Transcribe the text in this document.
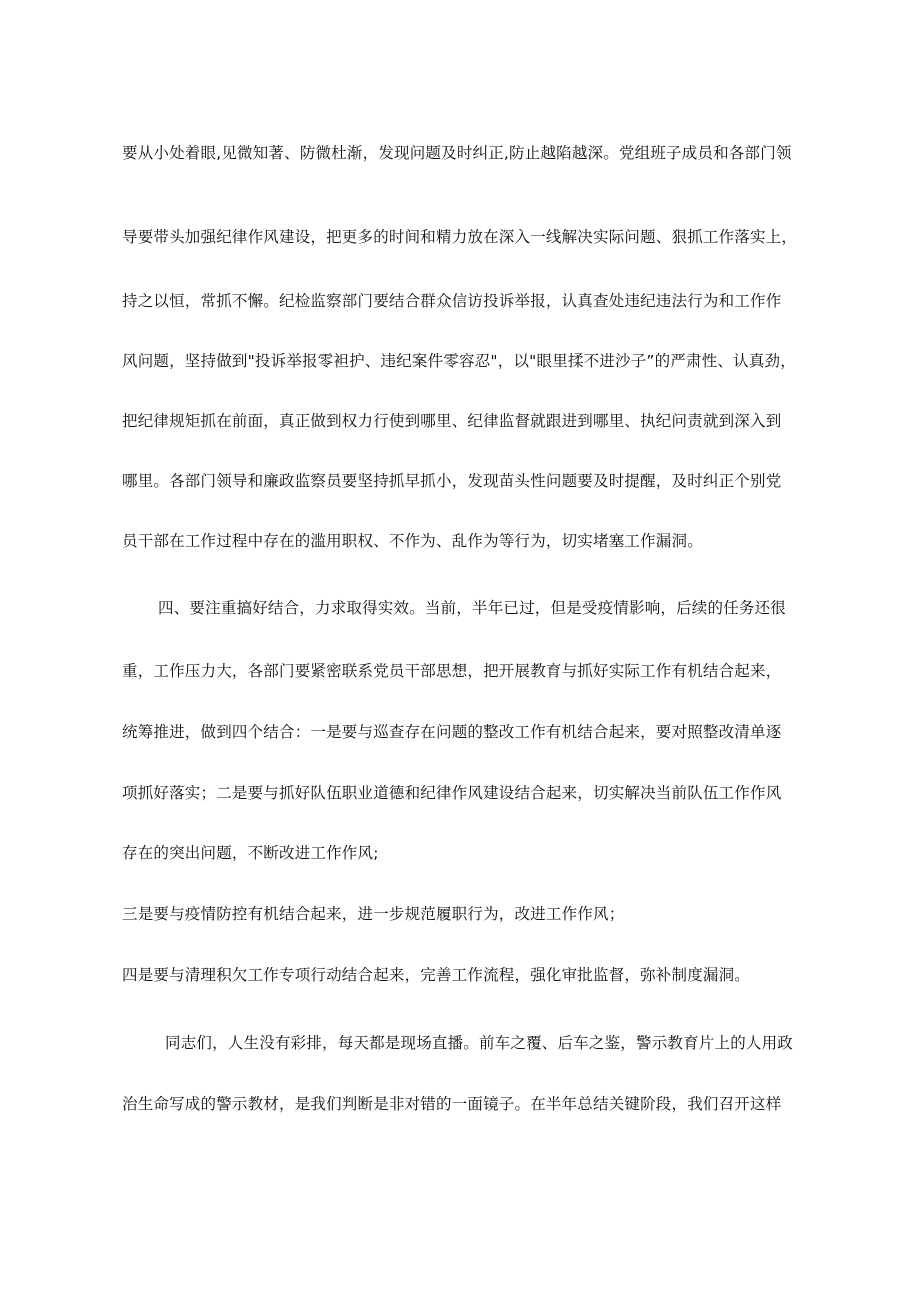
要从小处着眼,见微知著、防微杜渐，发现问题及时纠正,防止越陷越深。党组班子成员和各部门领
导要带头加强纪律作风建设，把更多的时间和精力放在深入一线解决实际问题、狠抓工作落实上，
持之以恒，常抓不懈。纪检监察部门要结合群众信访投诉举报，认真查处违纪违法行为和工作作
风问题，坚持做到"投诉举报零袒护、违纪案件零容忍"，以"眼里揉不进沙子”的严肃性、认真劲，
把纪律规矩抓在前面，真正做到权力行使到哪里、纪律监督就跟进到哪里、执纪问责就到深入到
哪里。各部门领导和廉政监察员要坚持抓早抓小，发现苗头性问题要及时提醒，及时纠正个别党
员干部在工作过程中存在的滥用职权、不作为、乱作为等行为，切实堵塞工作漏洞。
四、要注重搞好结合，力求取得实效。当前，半年已过，但是受疫情影响，后续的任务还很
重，工作压力大，各部门要紧密联系党员干部思想，把开展教育与抓好实际工作有机结合起来，
统筹推进，做到四个结合：一是要与巡查存在问题的整改工作有机结合起来，要对照整改清单逐
项抓好落实；二是要与抓好队伍职业道德和纪律作风建设结合起来，切实解决当前队伍工作作风
存在的突出问题，不断改进工作作风;
三是要与疫情防控有机结合起来，进一步规范履职行为，改进工作作风；
四是要与清理积欠工作专项行动结合起来，完善工作流程，强化审批监督，弥补制度漏洞。
同志们，人生没有彩排，每天都是现场直播。前车之覆、后车之鉴，警示教育片上的人用政
治生命写成的警示教材，是我们判断是非对错的一面镜子。在半年总结关键阶段，我们召开这样
